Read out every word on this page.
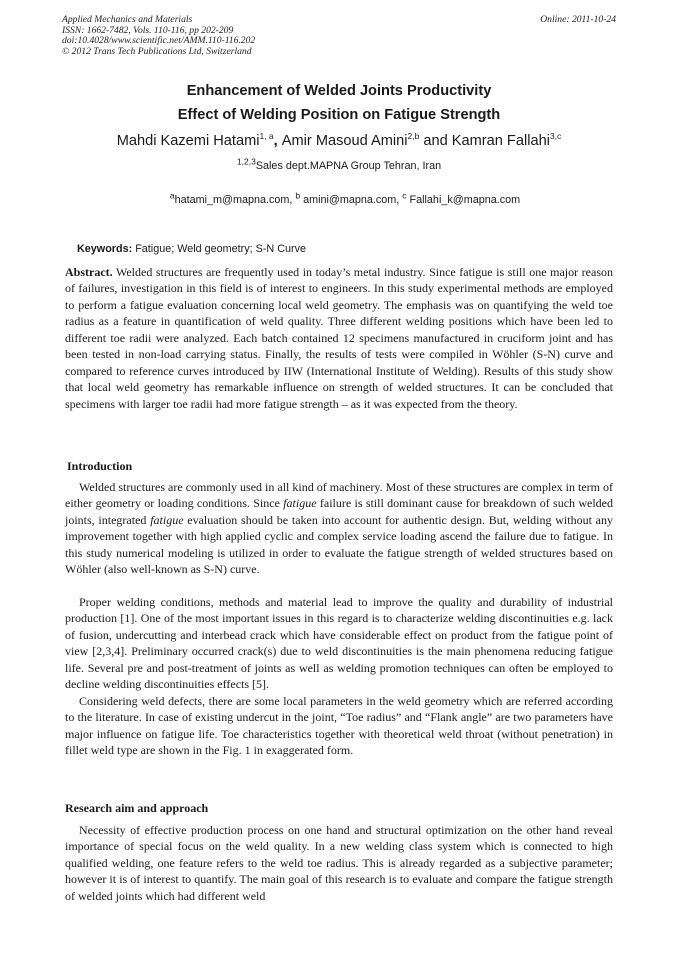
Applied Mechanics and Materials
ISSN: 1662-7482, Vols. 110-116, pp 202-209
doi:10.4028/www.scientific.net/AMM.110-116.202
© 2012 Trans Tech Publications Ltd, Switzerland
Online: 2011-10-24
Enhancement of Welded Joints Productivity
Effect of Welding Position on Fatigue Strength
Mahdi Kazemi Hatami$^{1, a}$, Amir Masoud Amini$^{2,b}$ and Kamran Fallahi$^{3,c}$
$^{1,2,3}$Sales dept.MAPNA Group Tehran, Iran

$^a$hatami_m@mapna.com, $^b$ amini@mapna.com, $^c$ Fallahi_k@mapna.com

Keywords: Fatigue; Weld geometry; S-N Curve

Abstract. Welded structures are frequently used in today’s metal industry. Since fatigue is still one major reason of failures, investigation in this field is of interest to engineers. In this study experimental methods are employed to perform a fatigue evaluation concerning local weld geometry. The emphasis was on quantifying the weld toe radius as a feature in quantification of weld quality. Three different welding positions which have been led to different toe radii were analyzed. Each batch contained 12 specimens manufactured in cruciform joint and has been tested in non-load carrying status. Finally, the results of tests were compiled in Wöhler (S-N) curve and compared to reference curves introduced by IIW (International Institute of Welding). Results of this study show that local weld geometry has remarkable influence on strength of welded structures. It can be concluded that specimens with larger toe radii had more fatigue strength – as it was expected from the theory.
Introduction
Welded structures are commonly used in all kind of machinery. Most of these structures are complex in term of either geometry or loading conditions. Since fatigue failure is still dominant cause for breakdown of such welded joints, integrated fatigue evaluation should be taken into account for authentic design. But, welding without any improvement together with high applied cyclic and complex service loading ascend the failure due to fatigue. In this study numerical modeling is utilized in order to evaluate the fatigue strength of welded structures based on Wöhler (also well-known as S-N) curve.
Proper welding conditions, methods and material lead to improve the quality and durability of industrial production [1]. One of the most important issues in this regard is to characterize welding discontinuities e.g. lack of fusion, undercutting and interbead crack which have considerable effect on product from the fatigue point of view [2,3,4]. Preliminary occurred crack(s) due to weld discontinuities is the main phenomena reducing fatigue life. Several pre and post-treatment of joints as well as welding promotion techniques can often be employed to decline welding discontinuities effects [5].
Considering weld defects, there are some local parameters in the weld geometry which are referred according to the literature. In case of existing undercut in the joint, “Toe radius” and “Flank angle” are two parameters have major influence on fatigue life. Toe characteristics together with theoretical weld throat (without penetration) in fillet weld type are shown in the Fig. 1 in exaggerated form.
Research aim and approach
Necessity of effective production process on one hand and structural optimization on the other hand reveal importance of special focus on the weld quality. In a new welding class system which is connected to high qualified welding, one feature refers to the weld toe radius. This is already regarded as a subjective parameter; however it is of interest to quantify. The main goal of this research is to evaluate and compare the fatigue strength of welded joints which had different weld
